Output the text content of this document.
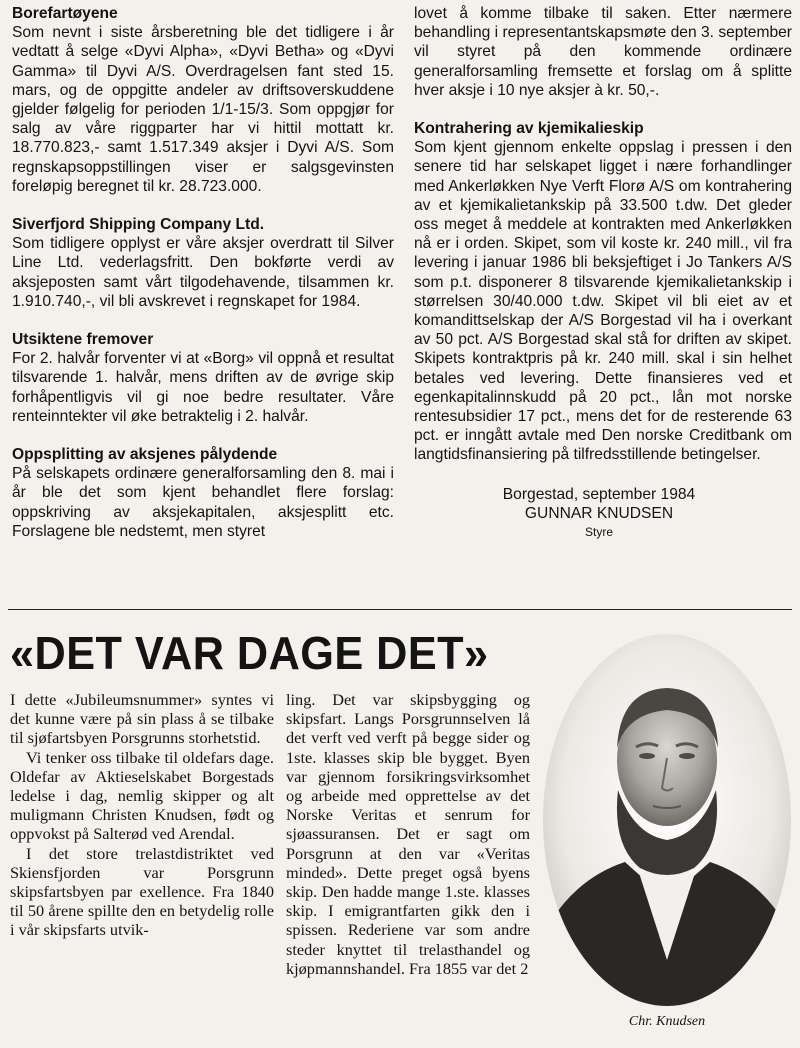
Borefartøyene
Som nevnt i siste årsberetning ble det tidligere i år vedtatt å selge «Dyvi Alpha», «Dyvi Betha» og «Dyvi Gamma» til Dyvi A/S. Overdragelsen fant sted 15. mars, og de oppgitte andeler av driftsoverskuddene gjelder følgelig for perioden 1/1-15/3. Som oppgjør for salg av våre riggparter har vi hittil mottatt kr. 18.770.823,- samt 1.517.349 aksjer i Dyvi A/S. Som regnskapsoppstillingen viser er salgsgevinsten foreløpig beregnet til kr. 28.723.000.
Siverfjord Shipping Company Ltd.
Som tidligere opplyst er våre aksjer overdratt til Silver Line Ltd. vederlagsfritt. Den bokførte verdi av aksjeposten samt vårt tilgodehavende, tilsammen kr. 1.910.740,-, vil bli avskrevet i regnskapet for 1984.
Utsiktene fremover
For 2. halvår forventer vi at «Borg» vil oppnå et resultat tilsvarende 1. halvår, mens driften av de øvrige skip forhåpentligvis vil gi noe bedre resultater. Våre renteinntekter vil øke betraktelig i 2. halvår.
Oppsplitting av aksjenes pålydende
På selskapets ordinære generalforsamling den 8. mai i år ble det som kjent behandlet flere forslag: oppskriving av aksjekapitalen, aksjesplitt etc. Forslagene ble nedstemt, men styret
lovet å komme tilbake til saken. Etter nærmere behandling i representantskapsmøte den 3. september vil styret på den kommende ordinære generalforsamling fremsette et forslag om å splitte hver aksje i 10 nye aksjer à kr. 50,-.
Kontrahering av kjemikalieskip
Som kjent gjennom enkelte oppslag i pressen i den senere tid har selskapet ligget i nære forhandlinger med Ankerløkken Nye Verft Florø A/S om kontrahering av et kjemikalietankskip på 33.500 t.dw. Det gleder oss meget å meddele at kontrakten med Ankerløkken nå er i orden. Skipet, som vil koste kr. 240 mill., vil fra levering i januar 1986 bli beksjeftiget i Jo Tankers A/S som p.t. disponerer 8 tilsvarende kjemikalietankskip i størrelsen 30/40.000 t.dw. Skipet vil bli eiet av et komandittselskap der A/S Borgestad vil ha i overkant av 50 pct. A/S Borgestad skal stå for driften av skipet. Skipets kontraktpris på kr. 240 mill. skal i sin helhet betales ved levering. Dette finansieres ved et egenkapitalinnskudd på 20 pct., lån mot norske rentesubsidier 17 pct., mens det for de resterende 63 pct. er inngått avtale med Den norske Creditbank om langtidsfinansiering på tilfredsstillende betingelser.
Borgestad, september 1984
GUNNAR KNUDSEN
Styre
«DET VAR DAGE DET»

I dette «Jubileumsnummer» syntes vi det kunne være på sin plass å se tilbake til sjøfartsbyen Porsgrunns storhetstid.

Vi tenker oss tilbake til oldefars dage. Oldefar av Aktieselskabet Borgestads ledelse i dag, nemlig skipper og alt muligmann Christen Knudsen, født og oppvokst på Salterød ved Arendal.

I det store trelastdistriktet ved Skiensfjorden var Porsgrunn skipsfartsbyen par exellence. Fra 1840 til 50 årene spillte den en betydelig rolle i vår skipsfarts utvik-

ling. Det var skipsbygging og skipsfart. Langs Porsgrunnselven lå det verft ved verft på begge sider og 1ste. klasses skip ble bygget. Byen var gjennom forsikringsvirksomhet og arbeide med opprettelse av det Norske Veritas et senrum for sjøassuransen. Det er sagt om Porsgrunn at den var «Veritas minded». Dette preget også byens skip. Den hadde mange 1.ste. klasses skip. I emigrantfarten gikk den i spissen. Rederiene var som andre steder knyttet til trelasthandel og kjøpmannshandel. Fra 1855 var det 2

Chr. Knudsen
